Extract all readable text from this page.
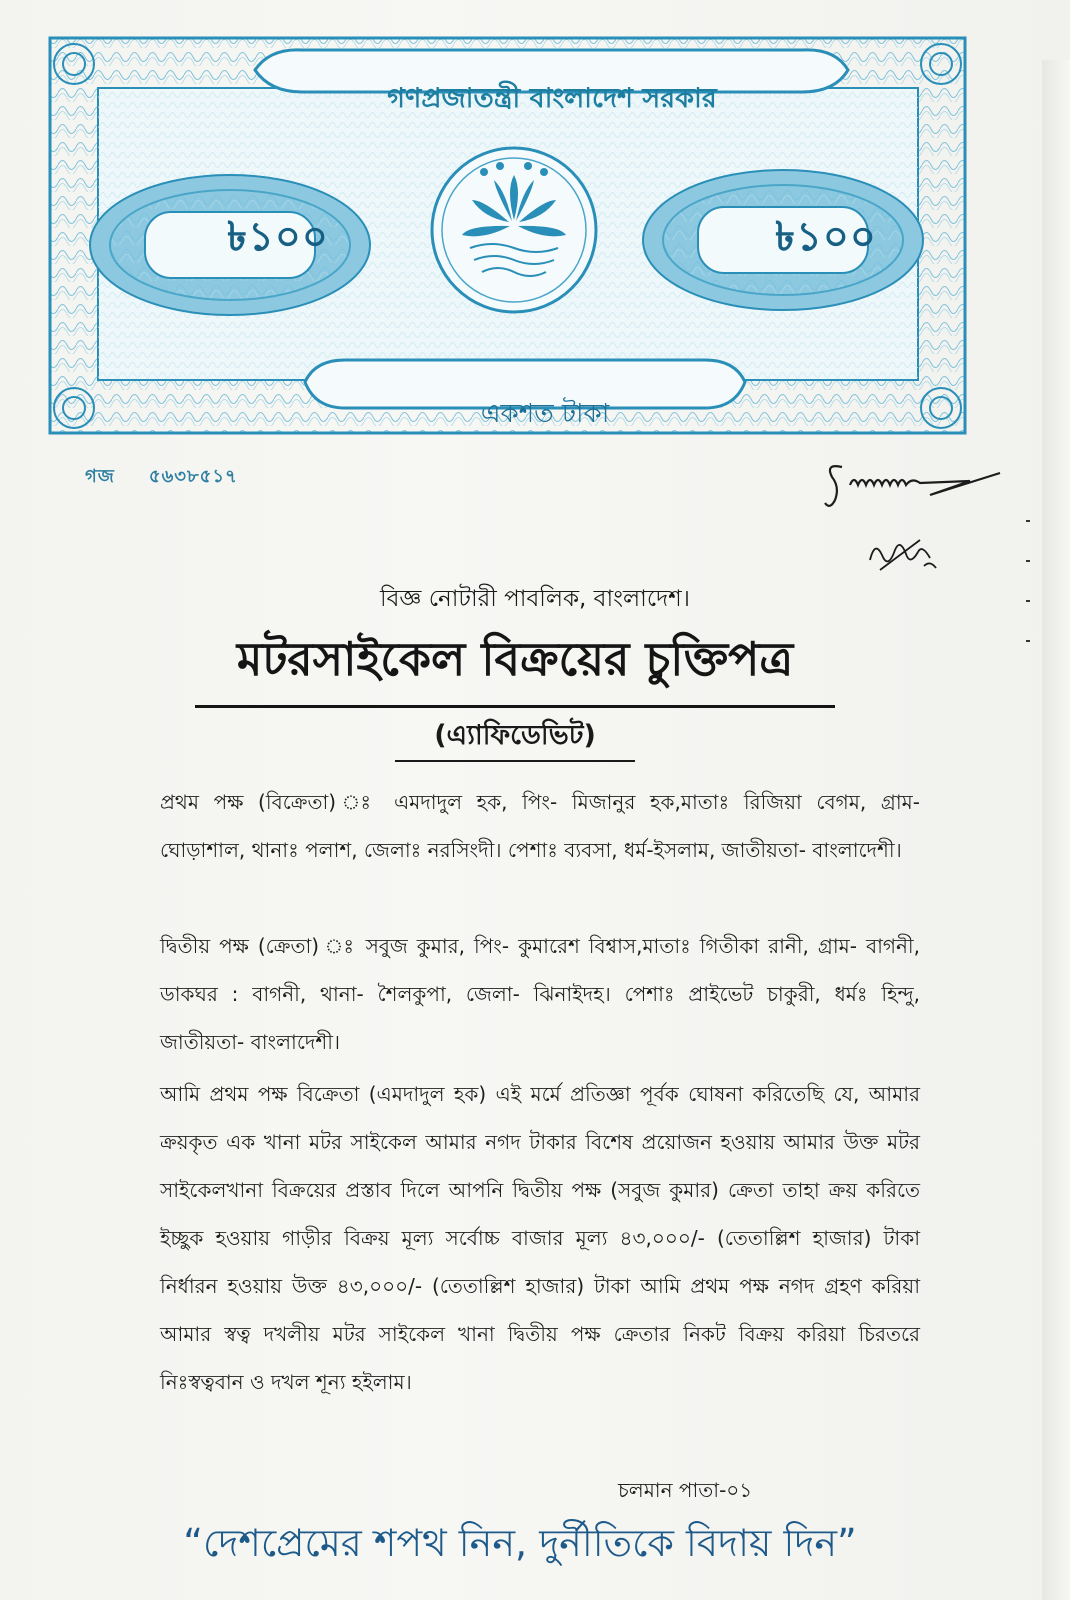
গণপ্রজাতন্ত্রী বাংলাদেশ সরকার
৳১০০	৳১০০
একশত টাকা
গজ ৫৬৩৮৫১৭
বিজ্ঞ নোটারী পাবলিক, বাংলাদেশ।
মটরসাইকেল বিক্রয়ের চুক্তিপত্র
(এ্যাফিডেভিট)
প্রথম পক্ষ (বিক্রেতা) ঃ এমদাদুল হক, পিং- মিজানুর হক,মাতাঃ রিজিয়া বেগম, গ্রাম- ঘোড়াশাল, থানাঃ পলাশ, জেলাঃ নরসিংদী। পেশাঃ ব্যবসা, ধর্ম-ইসলাম, জাতীয়তা- বাংলাদেশী।
দ্বিতীয় পক্ষ (ক্রেতা) ঃ সবুজ কুমার, পিং- কুমারেশ বিশ্বাস,মাতাঃ গিতীকা রানী, গ্রাম- বাগনী, ডাকঘর : বাগনী, থানা- শৈলকুপা, জেলা- ঝিনাইদহ। পেশাঃ প্রাইভেট চাকুরী, ধর্মঃ হিন্দু, জাতীয়তা- বাংলাদেশী।
আমি প্রথম পক্ষ বিক্রেতা (এমদাদুল হক) এই মর্মে প্রতিজ্ঞা পূর্বক ঘোষনা করিতেছি যে, আমার ক্রয়কৃত এক খানা মটর সাইকেল আমার নগদ টাকার বিশেষ প্রয়োজন হওয়ায় আমার উক্ত মটর সাইকেলখানা বিক্রয়ের প্রস্তাব দিলে আপনি দ্বিতীয় পক্ষ (সবুজ কুমার) ক্রেতা তাহা ক্রয় করিতে ইচ্ছুক হওয়ায় গাড়ীর বিক্রয় মূল্য সর্বোচ্চ বাজার মূল্য ৪৩,০০০/- (তেতাল্লিশ হাজার) টাকা নির্ধারন হওয়ায় উক্ত ৪৩,০০০/- (তেতাল্লিশ হাজার) টাকা আমি প্রথম পক্ষ নগদ গ্রহণ করিয়া আমার স্বত্ব দখলীয় মটর সাইকেল খানা দ্বিতীয় পক্ষ ক্রেতার নিকট বিক্রয় করিয়া চিরতরে নিঃস্বত্ববান ও দখল শূন্য হইলাম।
চলমান পাতা-০১
“দেশপ্রেমের শপথ নিন, দুর্নীতিকে বিদায় দিন”
